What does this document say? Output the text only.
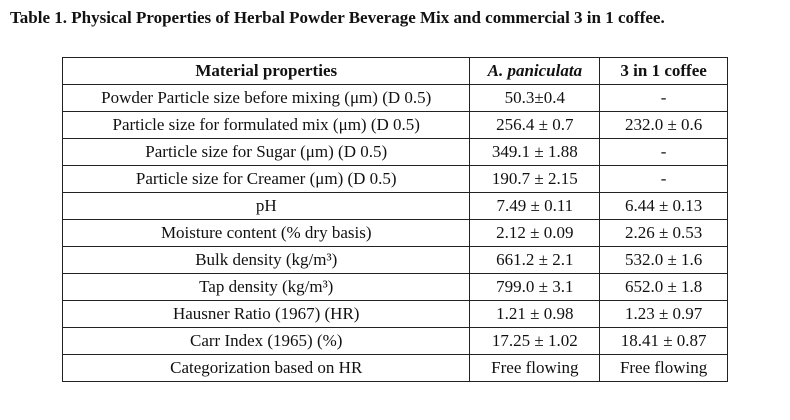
Table 1. Physical Properties of Herbal Powder Beverage Mix and commercial 3 in 1 coffee.
Material properties	A. paniculata	3 in 1 coffee
Powder Particle size before mixing (μm) (D 0.5)	50.3±0.4	-
Particle size for formulated mix (μm) (D 0.5)	256.4 ± 0.7	232.0 ± 0.6
Particle size for Sugar (μm) (D 0.5)	349.1 ± 1.88	-
Particle size for Creamer (μm) (D 0.5)	190.7 ± 2.15	-
pH	7.49 ± 0.11	6.44 ± 0.13
Moisture content (% dry basis)	2.12 ± 0.09	2.26 ± 0.53
Bulk density (kg/m³)	661.2 ± 2.1	532.0 ± 1.6
Tap density (kg/m³)	799.0 ± 3.1	652.0 ± 1.8
Hausner Ratio (1967) (HR)	1.21 ± 0.98	1.23 ± 0.97
Carr Index (1965) (%)	17.25 ± 1.02	18.41 ± 0.87
Categorization based on HR	Free flowing	Free flowing
